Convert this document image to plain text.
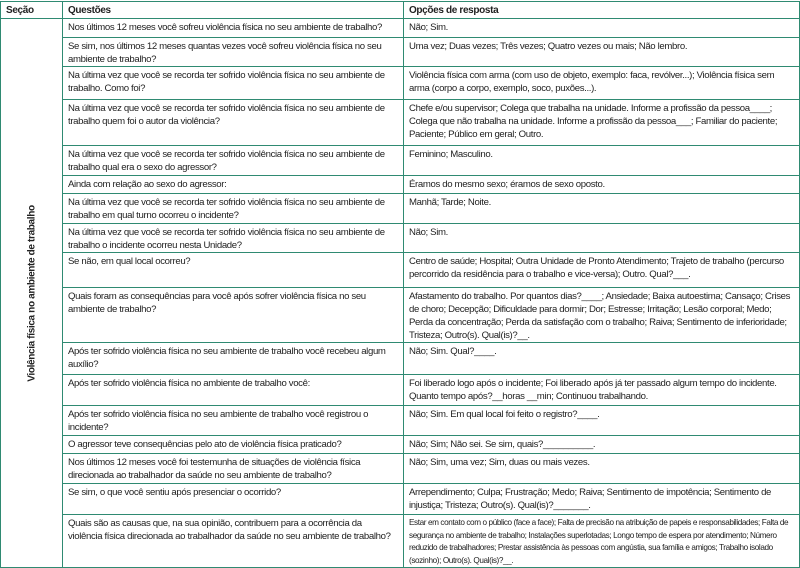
Seção	Questões	Opções de resposta

Violência física no ambiente de trabalho	Nos últimos 12 meses você sofreu violência física no seu ambiente de trabalho?	Não; Sim.
	Se sim, nos últimos 12 meses quantas vezes você sofreu violência física no seu ambiente de trabalho?	Uma vez; Duas vezes; Três vezes; Quatro vezes ou mais; Não lembro.
	Na última vez que você se recorda ter sofrido violência física no seu ambiente de trabalho. Como foi?	Violência física com arma (com uso de objeto, exemplo: faca, revólver...); Violência física sem arma (corpo a corpo, exemplo, soco, puxões...).
	Na última vez que você se recorda ter sofrido violência física no seu ambiente de trabalho quem foi o autor da violência?	Chefe e/ou supervisor; Colega que trabalha na unidade. Informe a profissão da pessoa____; Colega que não trabalha na unidade. Informe a profissão da pessoa___; Familiar do paciente; Paciente; Público em geral; Outro.
	Na última vez que você se recorda ter sofrido violência física no seu ambiente de trabalho qual era o sexo do agressor?	Feminino; Masculino.
	Ainda com relação ao sexo do agressor:	Éramos do mesmo sexo; éramos de sexo oposto.
	Na última vez que você se recorda ter sofrido violência física no seu ambiente de trabalho em qual turno ocorreu o incidente?	Manhã; Tarde; Noite.
	Na última vez que você se recorda ter sofrido violência física no seu ambiente de trabalho o incidente ocorreu nesta Unidade?	Não; Sim.
	Se não, em qual local ocorreu?	Centro de saúde; Hospital; Outra Unidade de Pronto Atendimento; Trajeto de trabalho (percurso percorrido da residência para o trabalho e vice-versa); Outro. Qual?___.
	Quais foram as consequências para você após sofrer violência física no seu ambiente de trabalho?	Afastamento do trabalho. Por quantos dias?____; Ansiedade; Baixa autoestima; Cansaço; Crises de choro; Decepção; Dificuldade para dormir; Dor; Estresse; Irritação; Lesão corporal; Medo; Perda da concentração; Perda da satisfação com o trabalho; Raiva; Sentimento de inferioridade; Tristeza; Outro(s). Qual(is)?__.
	Após ter sofrido violência física no seu ambiente de trabalho você recebeu algum auxílio?	Não; Sim. Qual?____.
	Após ter sofrido violência física no ambiente de trabalho você:	Foi liberado logo após o incidente; Foi liberado após já ter passado algum tempo do incidente. Quanto tempo após?__horas __min; Continuou trabalhando.
	Após ter sofrido violência física no seu ambiente de trabalho você registrou o incidente?	Não; Sim. Em qual local foi feito o registro?____.
	O agressor teve consequências pelo ato de violência física praticado?	Não; Sim; Não sei. Se sim, quais?__________.
	Nos últimos 12 meses você foi testemunha de situações de violência física direcionada ao trabalhador da saúde no seu ambiente de trabalho?	Não; Sim, uma vez; Sim, duas ou mais vezes.
	Se sim, o que você sentiu após presenciar o ocorrido?	Arrependimento; Culpa; Frustração; Medo; Raiva; Sentimento de impotência; Sentimento de injustiça; Tristeza; Outro(s). Qual(is)?_______.
	Quais são as causas que, na sua opinião, contribuem para a ocorrência da violência física direcionada ao trabalhador da saúde no seu ambiente de trabalho?	Estar em contato com o público (face a face); Falta de precisão na atribuição de papeis e responsabilidades; Falta de segurança no ambiente de trabalho; Instalações superlotadas; Longo tempo de espera por atendimento; Número reduzido de trabalhadores; Prestar assistência às pessoas com angústia, sua família e amigos; Trabalho isolado (sozinho); Outro(s). Qual(is)?__.
